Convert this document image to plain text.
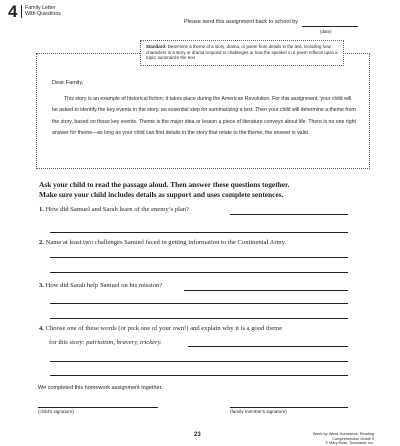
4 Family Letter
With Questions
Please send this assignment back to school by
(date)
Standard: Determine a theme of a story, drama, or poem from details in the text, including how characters in a story or drama respond to challenges or how the speaker in a poem reflects upon a topic; summarize the text.
Dear Family,

This story is an example of historical fiction; it takes place during the American Revolution. For this assignment, your child will be asked to identify the key events in the story, an essential step for summarizing a text. Then your child will determine a theme from the story, based on those key events. Theme is the major idea or lesson a piece of literature conveys about life. There is no one right answer for theme—as long as your child can find details in the story that relate to the theme, the answer is valid.

Ask your child to read the passage aloud. Then answer these questions together.
Make sure your child includes details as support and uses complete sentences.
1. How did Samuel and Sarah learn of the enemy’s plan?
2. Name at least two challenges Samuel faced in getting information to the Continental Army.
3. How did Sarah help Samuel on his mission?
4. Choose one of these words (or pick one of your own!) and explain why it is a good theme
for this story: patriotism, bravery, trickery.
We completed this homework assignment together.
(child’s signature)	(family member’s signature)
23	Week-by-Week Homework: Reading Comprehension Grade 5
© Mary Rose, Scholastic Inc.
